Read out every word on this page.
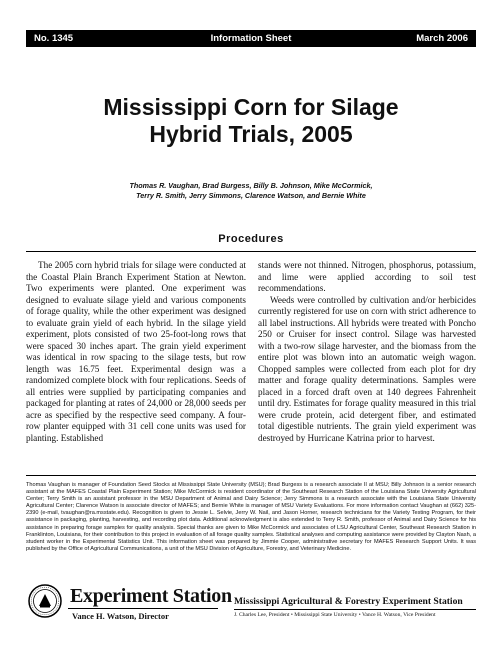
No. 1345	Information Sheet	March 2006
Mississippi Corn for Silage
Hybrid Trials, 2005
Thomas R. Vaughan, Brad Burgess, Billy B. Johnson, Mike McCormick,
Terry R. Smith, Jerry Simmons, Clarence Watson, and Bernie White
Procedures

The 2005 corn hybrid trials for silage were conducted at the Coastal Plain Branch Experiment Station at Newton. Two experiments were planted. One experiment was designed to evaluate silage yield and various components of forage quality, while the other experiment was designed to evaluate grain yield of each hybrid. In the silage yield experiment, plots consisted of two 25-foot-long rows that were spaced 30 inches apart. The grain yield experiment was identical in row spacing to the silage tests, but row length was 16.75 feet. Experimental design was a randomized complete block with four replications. Seeds of all entries were supplied by participating companies and packaged for planting at rates of 24,000 or 28,000 seeds per acre as specified by the respective seed company. A four-row planter equipped with 31 cell cone units was used for planting. Established

stands were not thinned. Nitrogen, phosphorus, potassium, and lime were applied according to soil test recommendations.

Weeds were controlled by cultivation and/or herbicides currently registered for use on corn with strict adherence to all label instructions. All hybrids were treated with Poncho 250 or Cruiser for insect control. Silage was harvested with a two-row silage harvester, and the biomass from the entire plot was blown into an automatic weigh wagon. Chopped samples were collected from each plot for dry matter and forage quality determinations. Samples were placed in a forced draft oven at 140 degrees Fahrenheit until dry. Estimates for forage quality measured in this trial were crude protein, acid detergent fiber, and estimated total digestible nutrients. The grain yield experiment was destroyed by Hurricane Katrina prior to harvest.

Thomas Vaughan is manager of Foundation Seed Stocks at Mississippi State University (MSU); Brad Burgess is a research associate II at MSU; Billy Johnson is a senior research assistant at the MAFES Coastal Plain Experiment Station; Mike McCormick is resident coordinator of the Southeast Research Station of the Louisiana State University Agricultural Center; Terry Smith is an assistant professor in the MSU Department of Animal and Dairy Science; Jerry Simmons is a research associate with the Louisiana State University Agricultural Center; Clarence Watson is associate director of MAFES; and Bernie White is manager of MSU Variety Evaluations. For more information contact Vaughan at (662) 325-2390 (e-mail, tvaughan@ra.msstate.edu). Recognition is given to Jessie L. Selvie, Jerry W. Nail, and Jason Horner, research technicians for the Variety Testing Program, for their assistance in packaging, planting, harvesting, and recording plot data. Additional acknowledgment is also extended to Terry R. Smith, professor of Animal and Dairy Science for his assistance in preparing forage samples for quality analysis. Special thanks are given to Mike McCormick and associates of LSU Agricultural Center, Southeast Research Station in Franklinton, Louisiana, for their contribution to this project in evaluation of all forage quality samples. Statistical analyses and computing assistance were provided by Clayton Nash, a student worker in the Experimental Statistics Unit. This information sheet was prepared by Jimmie Cooper, administrative secretary for MAFES Research Support Units. It was published by the Office of Agricultural Communications, a unit of the MSU Division of Agriculture, Forestry, and Veterinary Medicine.
Experiment Station
Vance H. Watson, Director
Mississippi Agricultural & Forestry Experiment Station
J. Charles Lee, President • Mississippi State University • Vance H. Watson, Vice President
